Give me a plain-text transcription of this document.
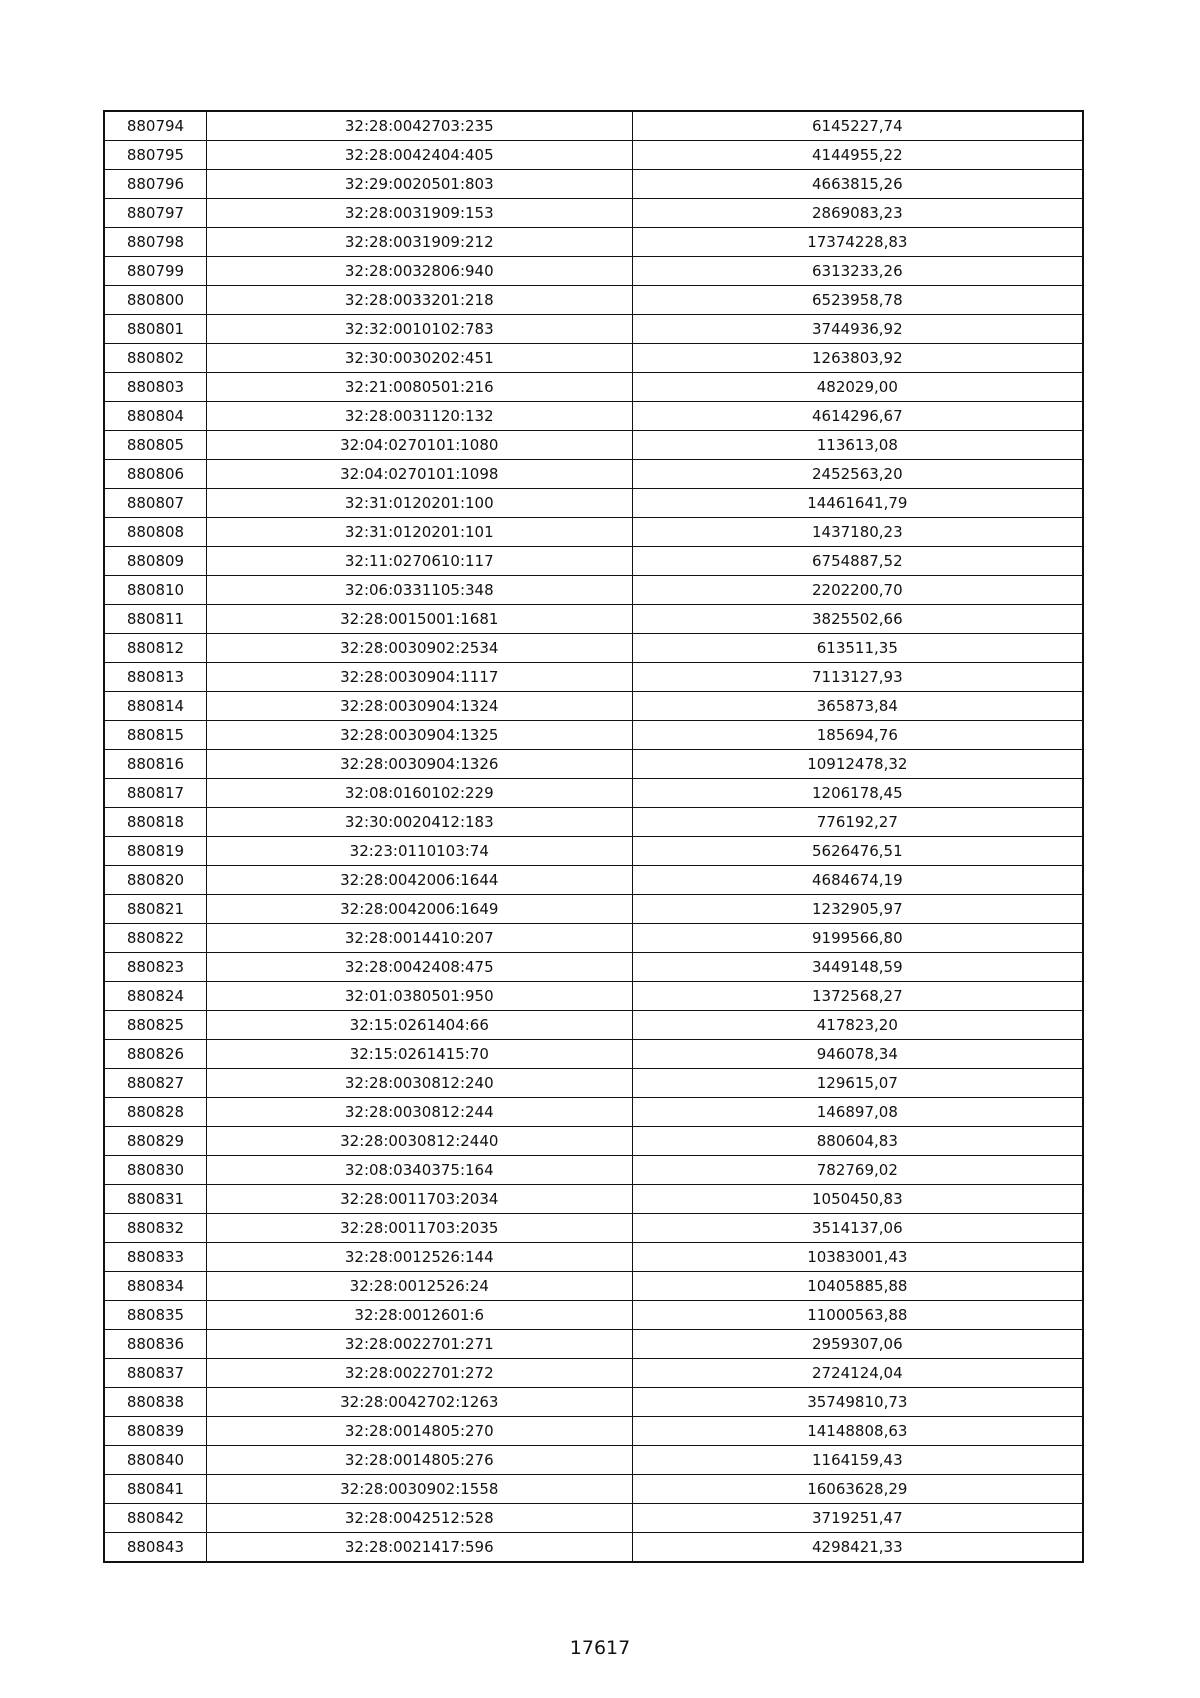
880794	32:28:0042703:235	6145227,74
880795	32:28:0042404:405	4144955,22
880796	32:29:0020501:803	4663815,26
880797	32:28:0031909:153	2869083,23
880798	32:28:0031909:212	17374228,83
880799	32:28:0032806:940	6313233,26
880800	32:28:0033201:218	6523958,78
880801	32:32:0010102:783	3744936,92
880802	32:30:0030202:451	1263803,92
880803	32:21:0080501:216	482029,00
880804	32:28:0031120:132	4614296,67
880805	32:04:0270101:1080	113613,08
880806	32:04:0270101:1098	2452563,20
880807	32:31:0120201:100	14461641,79
880808	32:31:0120201:101	1437180,23
880809	32:11:0270610:117	6754887,52
880810	32:06:0331105:348	2202200,70
880811	32:28:0015001:1681	3825502,66
880812	32:28:0030902:2534	613511,35
880813	32:28:0030904:1117	7113127,93
880814	32:28:0030904:1324	365873,84
880815	32:28:0030904:1325	185694,76
880816	32:28:0030904:1326	10912478,32
880817	32:08:0160102:229	1206178,45
880818	32:30:0020412:183	776192,27
880819	32:23:0110103:74	5626476,51
880820	32:28:0042006:1644	4684674,19
880821	32:28:0042006:1649	1232905,97
880822	32:28:0014410:207	9199566,80
880823	32:28:0042408:475	3449148,59
880824	32:01:0380501:950	1372568,27
880825	32:15:0261404:66	417823,20
880826	32:15:0261415:70	946078,34
880827	32:28:0030812:240	129615,07
880828	32:28:0030812:244	146897,08
880829	32:28:0030812:2440	880604,83
880830	32:08:0340375:164	782769,02
880831	32:28:0011703:2034	1050450,83
880832	32:28:0011703:2035	3514137,06
880833	32:28:0012526:144	10383001,43
880834	32:28:0012526:24	10405885,88
880835	32:28:0012601:6	11000563,88
880836	32:28:0022701:271	2959307,06
880837	32:28:0022701:272	2724124,04
880838	32:28:0042702:1263	35749810,73
880839	32:28:0014805:270	14148808,63
880840	32:28:0014805:276	1164159,43
880841	32:28:0030902:1558	16063628,29
880842	32:28:0042512:528	3719251,47
880843	32:28:0021417:596	4298421,33
17617
